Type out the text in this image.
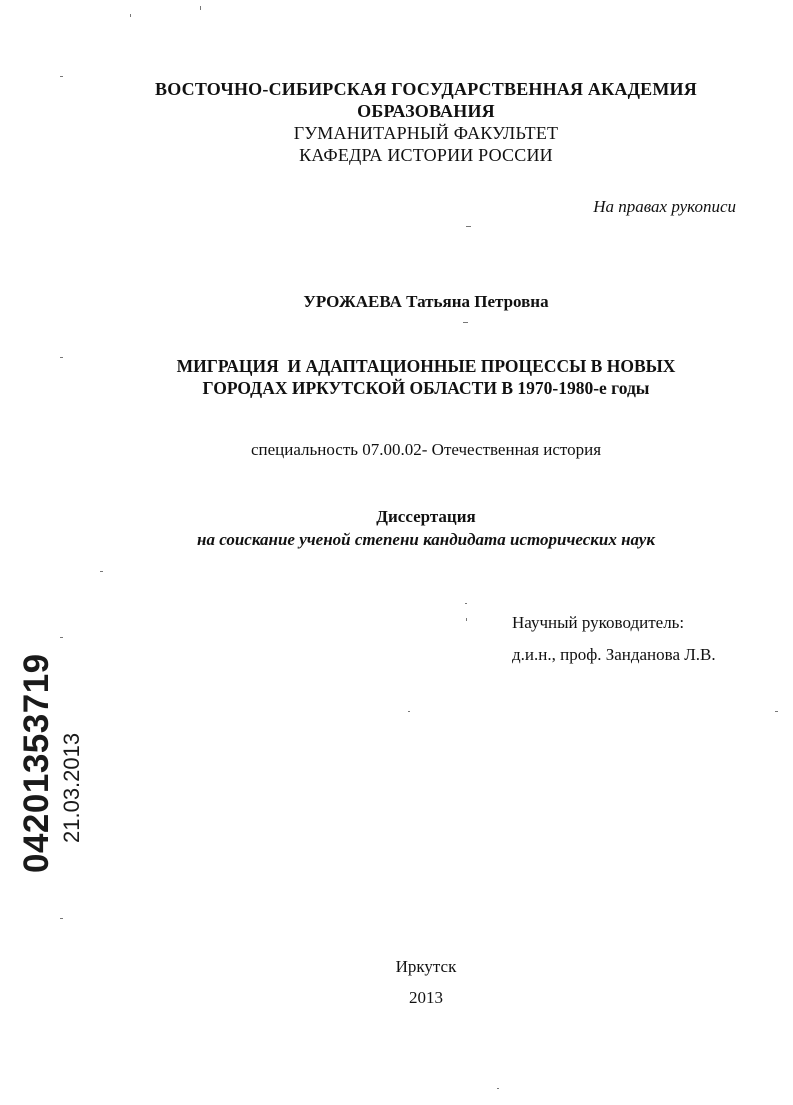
ВОСТОЧНО-СИБИРСКАЯ ГОСУДАРСТВЕННАЯ АКАДЕМИЯ
ОБРАЗОВАНИЯ
ГУМАНИТАРНЫЙ ФАКУЛЬТЕТ
КАФЕДРА ИСТОРИИ РОССИИ
На правах рукописи
УРОЖАЕВА Татьяна Петровна
МИГРАЦИЯ  И АДАПТАЦИОННЫЕ ПРОЦЕССЫ В НОВЫХ
ГОРОДАХ ИРКУТСКОЙ ОБЛАСТИ В 1970-1980-е годы
специальность 07.00.02- Отечественная история
Диссертация
на соискание ученой степени кандидата исторических наук
Научный руководитель:
д.и.н., проф. Занданова Л.В.
Иркутск
2013
04201353719 21.03.2013
